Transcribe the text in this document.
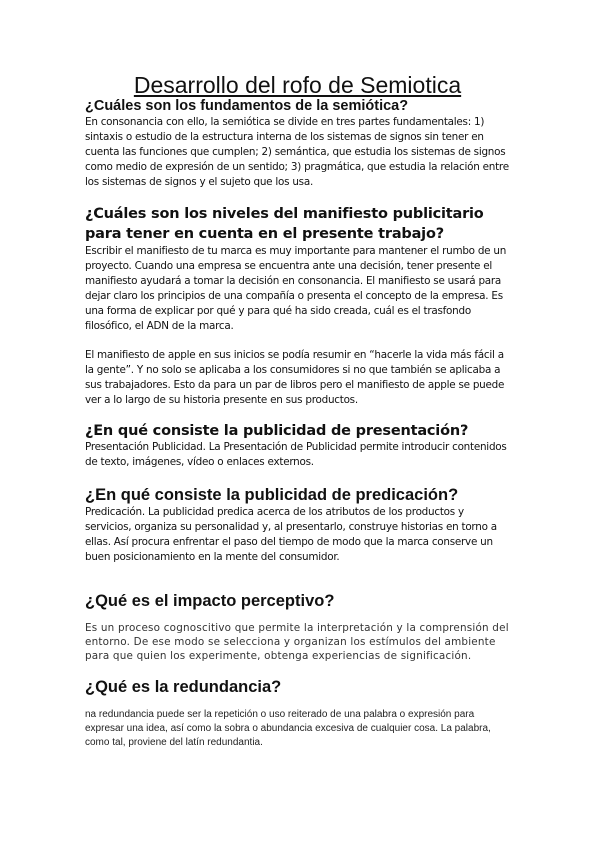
Desarrollo del rofo de Semiotica
¿Cuáles son los fundamentos de la semiótica?

En consonancia con ello, la semiótica se divide en tres partes fundamentales: 1) sintaxis o estudio de la estructura interna de los sistemas de signos sin tener en cuenta las funciones que cumplen; 2) semántica, que estudia los sistemas de signos como medio de expresión de un sentido; 3) pragmática, que estudia la relación entre los sistemas de signos y el sujeto que los usa.

¿Cuáles son los niveles del manifiesto publicitario para tener en cuenta en el presente trabajo?

Escribir el manifiesto de tu marca es muy importante para mantener el rumbo de un proyecto. Cuando una empresa se encuentra ante una decisión, tener presente el manifiesto ayudará a tomar la decisión en consonancia. El manifiesto se usará para dejar claro los principios de una compañía o presenta el concepto de la empresa. Es una forma de explicar por qué y para qué ha sido creada, cuál es el trasfondo filosófico, el ADN de la marca.

El manifiesto de apple en sus inicios se podía resumir en “hacerle la vida más fácil a la gente”. Y no solo se aplicaba a los consumidores si no que también se aplicaba a sus trabajadores. Esto da para un par de libros pero el manifiesto de apple se puede ver a lo largo de su historia presente en sus productos.

¿En qué consiste la publicidad de presentación?

Presentación Publicidad. La Presentación de Publicidad permite introducir contenidos de texto, imágenes, vídeo o enlaces externos.

¿En qué consiste la publicidad de predicación?

Predicación. La publicidad predica acerca de los atributos de los productos y servicios, organiza su personalidad y, al presentarlo, construye historias en torno a ellas. Así procura enfrentar el paso del tiempo de modo que la marca conserve un buen posicionamiento en la mente del consumidor.

¿Qué es el impacto perceptivo?

Es un proceso cognoscitivo que permite la interpretación y la comprensión del entorno. De ese modo se selecciona y organizan los estímulos del ambiente para que quien los experimente, obtenga experiencias de significación.

¿Qué es la redundancia?

na redundancia puede ser la repetición o uso reiterado de una palabra o expresión para expresar una idea, así como la sobra o abundancia excesiva de cualquier cosa. La palabra, como tal, proviene del latín redundantia.
